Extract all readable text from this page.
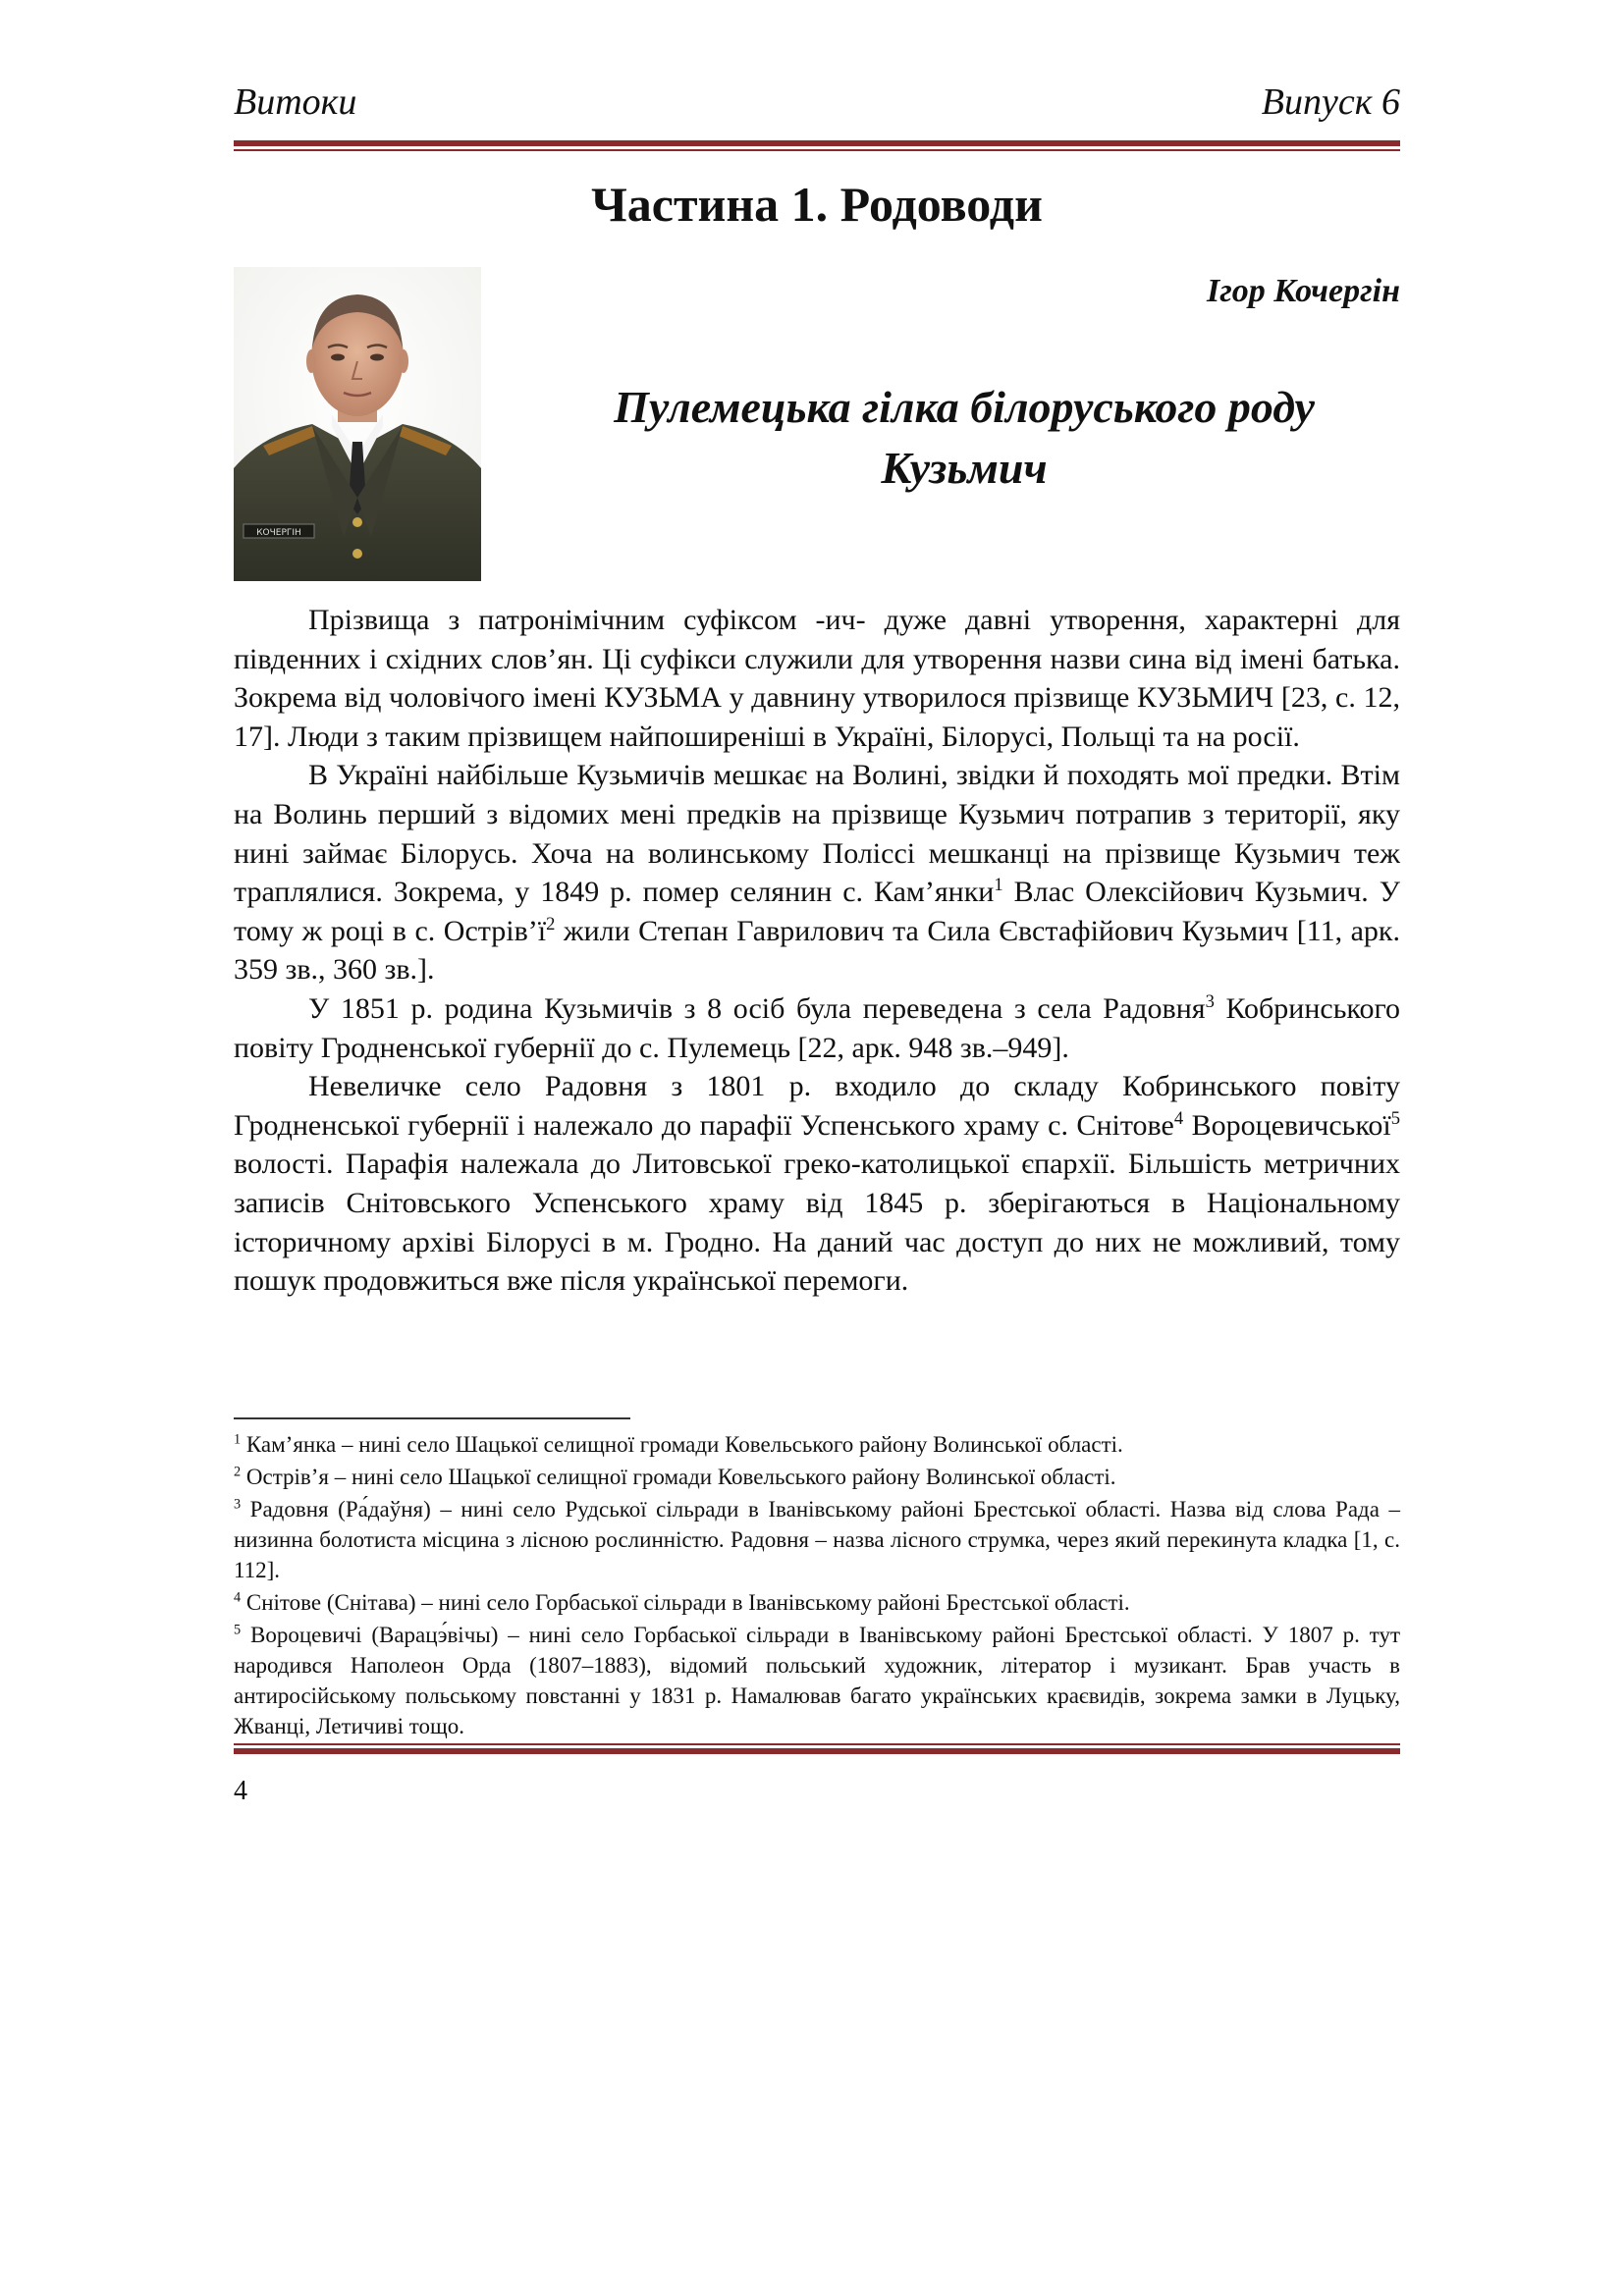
Витоки	Випуск 6
Частина 1. Родоводи
КОЧЕРГІН
Ігор Кочергін
Пулемецька гілка білоруського роду
Кузьмич

Прізвища з патронімічним суфіксом -ич- дуже давні утворення, характерні для південних і східних слов’ян. Ці суфікси служили для утворення назви сина від імені батька. Зокрема від чоловічого імені КУЗЬМА у давнину утворилося прізвище КУЗЬМИЧ [23, с. 12, 17]. Люди з таким прізвищем найпоширеніші в Україні, Білорусі, Польщі та на росії.

В Україні найбільше Кузьмичів мешкає на Волині, звідки й походять мої предки. Втім на Волинь перший з відомих мені предків на прізвище Кузьмич потрапив з території, яку нині займає Білорусь. Хоча на волинському Поліссі мешканці на прізвище Кузьмич теж траплялися. Зокрема, у 1849 р. помер селянин с. Кам’янки$^1$ Влас Олексійович Кузьмич. У тому ж році в с. $Острів’ї^2$ жили Степан Гаврилович та Сила Євстафійович Кузьмич [11, арк. 359 зв., 360 зв.].

У 1851 р. родина Кузьмичів з 8 осіб була переведена з села Радовня$^3$ Кобринського повіту Гродненської губернії до с. Пулемець [22, арк. 948 зв.–949].

Невеличке село Радовня з 1801 р. входило до складу Кобринського повіту Гродненської губернії і належало до парафії Успенського храму с. Снітове$^4$ Вороцевичської$^5$ волості. Парафія належала до Литовської греко-католицької єпархії. Більшість метричних записів Снітовського Успенського храму від 1845 р. зберігаються в Національному історичному архіві Білорусі в м. Гродно. На даний час доступ до них не можливий, тому пошук продовжиться вже після української перемоги.

$^1$ Кам’янка – нині село Шацької селищної громади Ковельського району Волинської області.

$^2$ Острів’я – нині село Шацької селищної громади Ковельського району Волинської області.

$^3$ Радовня (Ра́даўня) – нині село Рудської сільради в Іванівському районі Брестської області. Назва від слова Рада – низинна болотиста місцина з лісною рослинністю. Радовня – назва лісного струмка, через який перекинута кладка [1, с. 112].

$^4$ Снітове (Снітава) – нині село Горбаської сільради в Іванівському районі Брестської області.

$^5$ Вороцевичі (Варацэ́вічы) – нині село Горбаської сільради в Іванівському районі Брестської області. У 1807 р. тут народився Наполеон Орда (1807–1883), відомий польський художник, літератор і музикант. Брав участь в антиросійському польському повстанні у 1831 р. Намалював багато українських краєвидів, зокрема замки в Луцьку, Жванці, Летичиві тощо.

4
